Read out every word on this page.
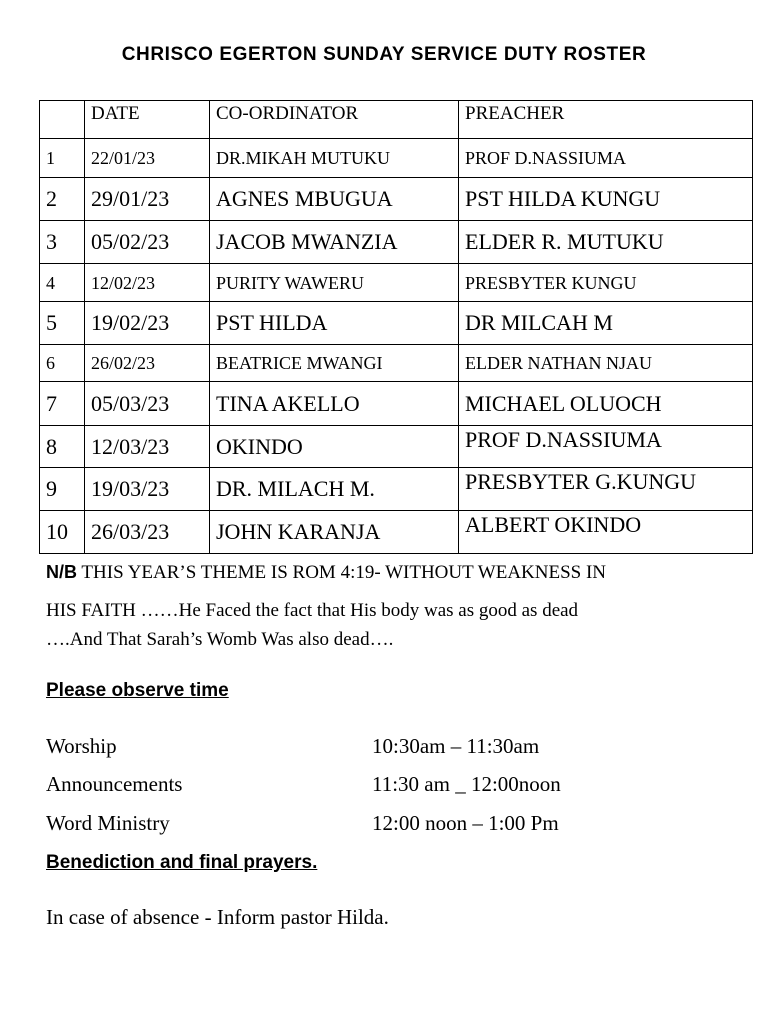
CHRISCO EGERTON SUNDAY SERVICE DUTY ROSTER
	DATE	CO-ORDINATOR	PREACHER
1	22/01/23	DR.MIKAH MUTUKU	PROF D.NASSIUMA
2	29/01/23	AGNES MBUGUA	PST HILDA KUNGU
3	05/02/23	JACOB MWANZIA	ELDER R. MUTUKU
4	12/02/23	PURITY WAWERU	PRESBYTER KUNGU
5	19/02/23	PST HILDA	DR MILCAH M
6	26/02/23	BEATRICE MWANGI	ELDER NATHAN NJAU
7	05/03/23	TINA AKELLO	MICHAEL OLUOCH
8	12/03/23	OKINDO	PROF D.NASSIUMA
9	19/03/23	DR. MILACH M.	PRESBYTER G.KUNGU
10	26/03/23	JOHN KARANJA	ALBERT OKINDO
N/B THIS YEAR’S THEME IS ROM 4:19- WITHOUT WEAKNESS IN
HIS FAITH ……He Faced the fact that His body was as good as dead
….And That Sarah’s Womb Was also dead….
Please observe time
Worship	10:30am – 11:30am
Announcements	11:30 am _ 12:00noon
Word Ministry	12:00 noon – 1:00 Pm
Benediction and final prayers.
In case of absence - Inform pastor Hilda.
